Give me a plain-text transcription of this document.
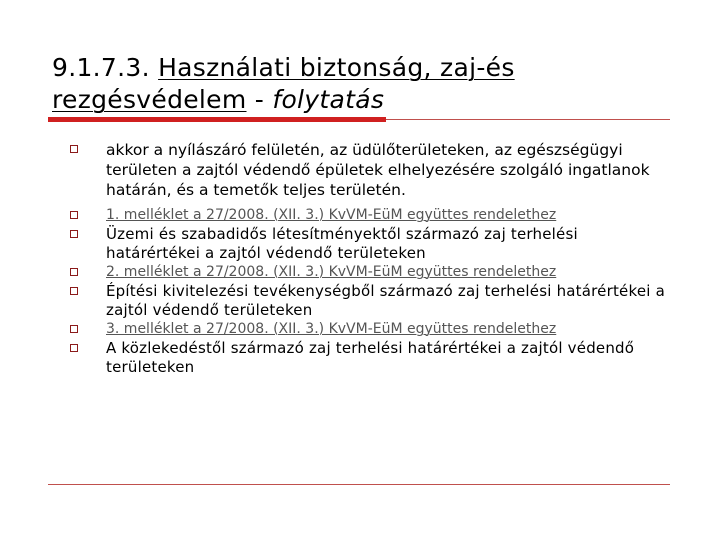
9.1.7.3. Használati biztonság, zaj-és rezgésvédelem - folytatás
akkor a nyílászáró felületén, az üdülőterületeken, az egészségügyi területen a zajtól védendő épületek elhelyezésére szolgáló ingatlanok határán, és a temetők teljes területén.
1. melléklet a 27/2008. (XII. 3.) KvVM-EüM együttes rendelethez
Üzemi és szabadidős létesítményektől származó zaj terhelési határértékei a zajtól védendő területeken
2. melléklet a 27/2008. (XII. 3.) KvVM-EüM együttes rendelethez
Építési kivitelezési tevékenységből származó zaj terhelési határértékei a zajtól védendő területeken
3. melléklet a 27/2008. (XII. 3.) KvVM-EüM együttes rendelethez
A közlekedéstől származó zaj terhelési határértékei a zajtól védendő területeken
